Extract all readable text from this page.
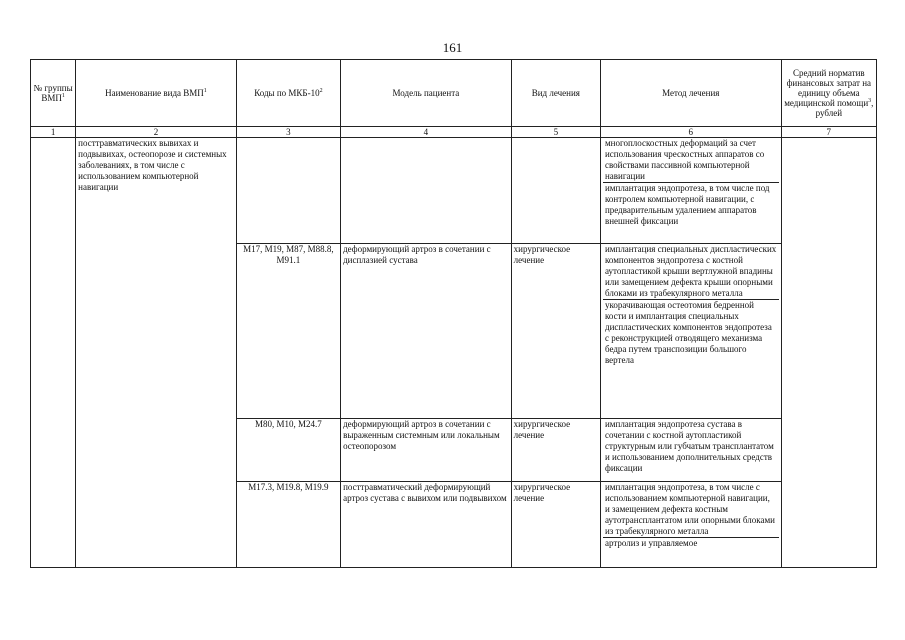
161
№ группы ВМП$^1$	Наименование вида ВМП$^1$	Коды по МКБ-$10^2$	Модель пациента	Вид лечения	Метод лечения	Средний норматив финансовых затрат на единицу объема медицинской помощи$^3$, рублей
1	2	3	4	5	6	7
	посттравматических вывихах и подвывихах, остеопорозе и системных заболеваниях, в том числе с использованием компьютерной навигации				многоплоскостных деформаций за счет использования чрескостных аппаратов со свойствами пассивной компьютерной навигации
имплантация эндопротеза, в том числе под контролем компьютерной навигации, с предварительным удалением аппаратов внешней фиксации	

		M17, M19, M87, M88.8, M91.1	деформирующий артроз в сочетании с дисплазией сустава	хирургическое лечение	имплантация специальных диспластических компонентов эндопротеза с костной аутопластикой крыши вертлужной впадины или замещением дефекта крыши опорными блоками из трабекулярного металла
укорачивающая остеотомия бедренной кости и имплантация специальных диспластических компонентов эндопротеза с реконструкцией отводящего механизма бедра путем транспозиции большого вертела	

		M80, M10, M24.7	деформирующий артроз в сочетании с выраженным системным или локальным остеопорозом	хирургическое лечение	имплантация эндопротеза сустава в сочетании с костной аутопластикой структурным или губчатым трансплантатом и использованием дополнительных средств фиксации	

		M17.3, M19.8, M19.9	посттравматический деформирующий артроз сустава с вывихом или подвывихом	хирургическое лечение	имплантация эндопротеза, в том числе с использованием компьютерной навигации, и замещением дефекта костным аутотрансплантатом или опорными блоками из трабекулярного металла
артролиз и управляемое	
